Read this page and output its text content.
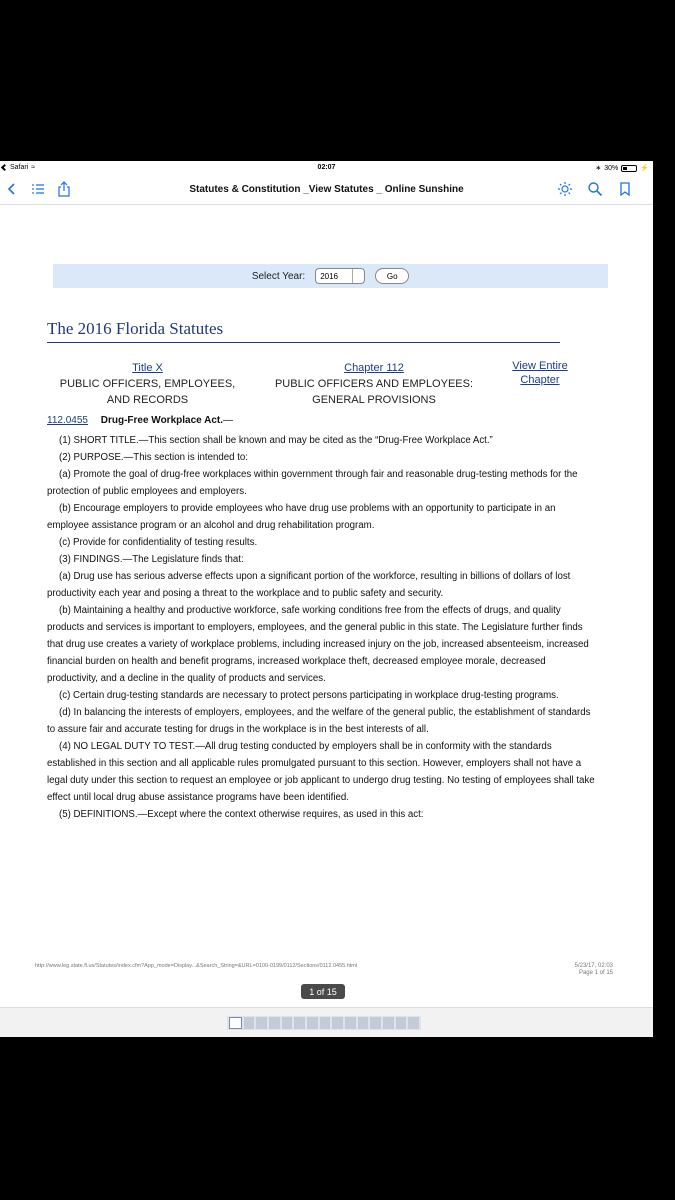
Safari ≈	02:07	∗ 30%	⚡
Statutes & Constitution _View Statutes _ Online Sunshine
Select Year: 2016	Go
The 2016 Florida Statutes
Title X
PUBLIC OFFICERS, EMPLOYEES,
AND RECORDS
Chapter 112
PUBLIC OFFICERS AND EMPLOYEES:
GENERAL PROVISIONS
View Entire
Chapter
112.0455 Drug-Free Workplace Act.—

(1) SHORT TITLE.—This section shall be known and may be cited as the “Drug-Free Workplace Act.”

(2) PURPOSE.—This section is intended to:

(a) Promote the goal of drug-free workplaces within government through fair and reasonable drug-testing methods for the protection of public employees and employers.

(b) Encourage employers to provide employees who have drug use problems with an opportunity to participate in an employee assistance program or an alcohol and drug rehabilitation program.

(c) Provide for confidentiality of testing results.

(3) FINDINGS.—The Legislature finds that:

(a) Drug use has serious adverse effects upon a significant portion of the workforce, resulting in billions of dollars of lost productivity each year and posing a threat to the workplace and to public safety and security.

(b) Maintaining a healthy and productive workforce, safe working conditions free from the effects of drugs, and quality products and services is important to employers, employees, and the general public in this state. The Legislature further finds that drug use creates a variety of workplace problems, including increased injury on the job, increased absenteeism, increased financial burden on health and benefit programs, increased workplace theft, decreased employee morale, decreased productivity, and a decline in the quality of products and services.

(c) Certain drug-testing standards are necessary to protect persons participating in workplace drug-testing programs.

(d) In balancing the interests of employers, employees, and the welfare of the general public, the establishment of standards to assure fair and accurate testing for drugs in the workplace is in the best interests of all.

(4) NO LEGAL DUTY TO TEST.—All drug testing conducted by employers shall be in conformity with the standards established in this section and all applicable rules promulgated pursuant to this section. However, employers shall not have a legal duty under this section to request an employee or job applicant to undergo drug testing. No testing of employees shall take effect until local drug abuse assistance programs have been identified.

(5) DEFINITIONS.—Except where the context otherwise requires, as used in this act:

http://www.leg.state.fl.us/Statutes/index.cfm?App_mode=Display...&Search_String=&URL=0100-0199/0112/Sections/0112.0455.html	5/23/17, 02:03
Page 1 of 15
1 of 15
